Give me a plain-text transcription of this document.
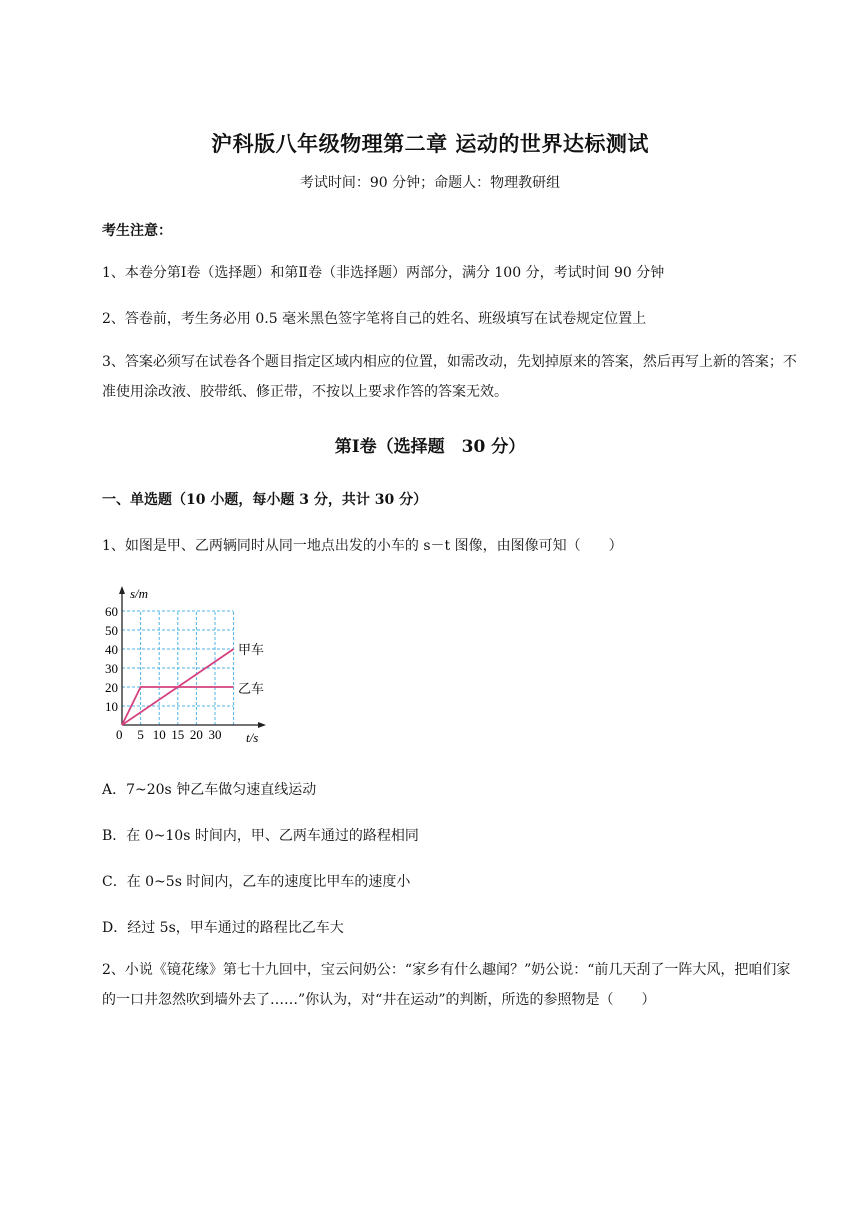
沪科版八年级物理第二章 运动的世界达标测试
考试时间：90 分钟；命题人：物理教研组
考生注意：
1、本卷分第Ⅰ卷（选择题）和第Ⅱ卷（非选择题）两部分，满分 100 分，考试时间 90 分钟
2、答卷前，考生务必用 0.5 毫米黑色签字笔将自己的姓名、班级填写在试卷规定位置上
3、答案必须写在试卷各个题目指定区域内相应的位置，如需改动，先划掉原来的答案，然后再写上新的答案；不准使用涂改液、胶带纸、修正带，不按以上要求作答的答案无效。
第Ⅰ卷（选择题　30 分）
一、单选题（10 小题，每小题 3 分，共计 30 分）
1、如图是甲、乙两辆同时从同一地点出发的小车的 s－t 图像，由图像可知（　　）
10
20
30
40
50
60
5 10 15 20 30
s/m
t/s
甲车
乙车
0
A．7~20s 钟乙车做匀速直线运动
B．在 0~10s 时间内，甲、乙两车通过的路程相同
C．在 0~5s 时间内，乙车的速度比甲车的速度小
D．经过 5s，甲车通过的路程比乙车大
2、小说《镜花缘》第七十九回中，宝云问奶公：“家乡有什么趣闻？”奶公说：“前几天刮了一阵大风，把咱们家的一口井忽然吹到墙外去了……”你认为，对“井在运动”的判断，所选的参照物是（　　）
